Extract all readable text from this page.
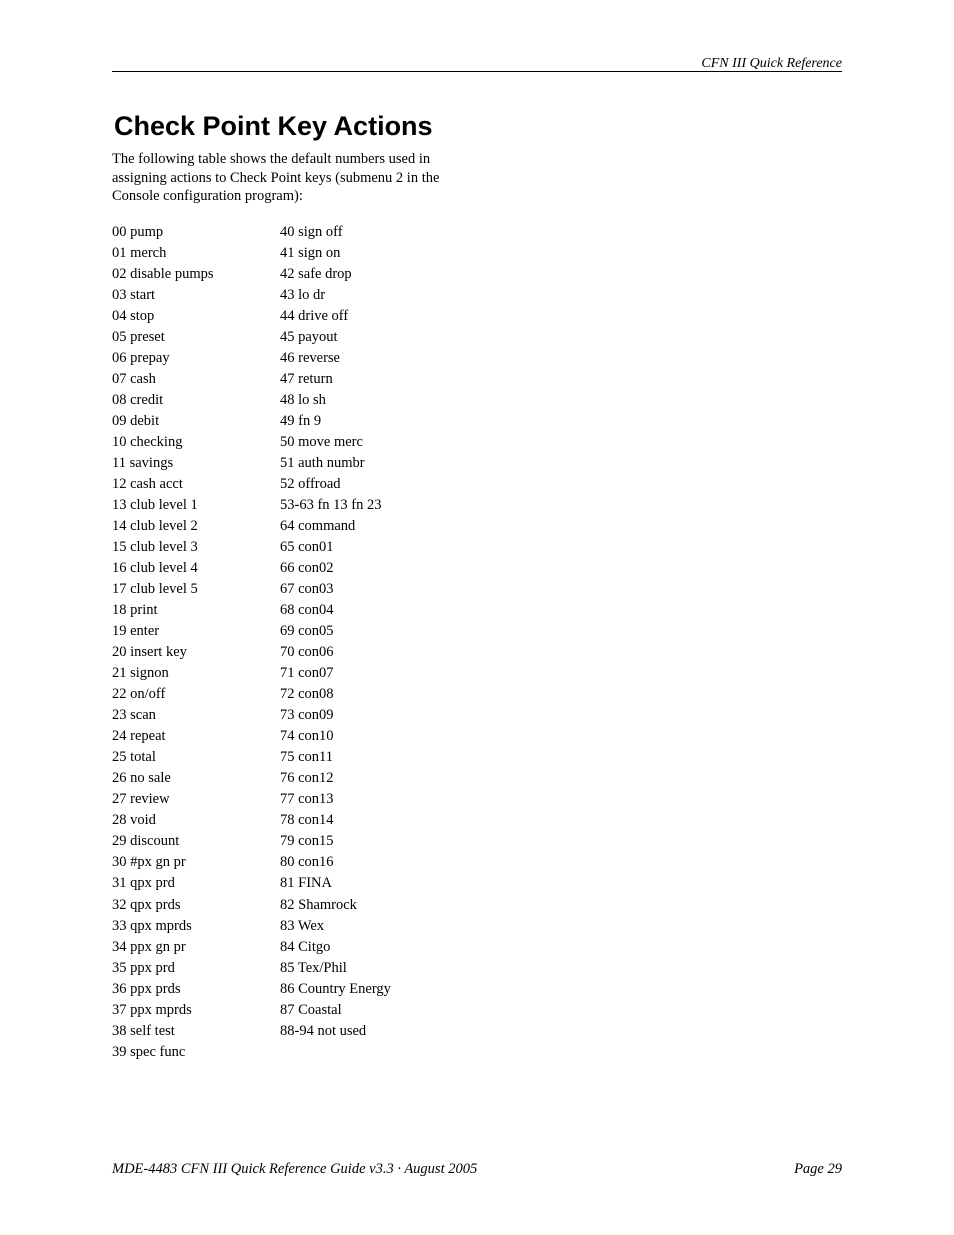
CFN III Quick Reference
Check Point Key Actions

The following table shows the default numbers used in assigning actions to Check Point keys (submenu 2 in the Console configuration program):

00 pump	40 sign off
01 merch	41 sign on
02 disable pumps	42 safe drop
03 start	43 lo dr
04 stop	44 drive off
05 preset	45 payout
06 prepay	46 reverse
07 cash	47 return
08 credit	48 lo sh
09 debit	49 fn 9
10 checking	50 move merc
11 savings	51 auth numbr
12 cash acct	52 offroad
13 club level 1	53-63 fn 13 fn 23
14 club level 2	64 command
15 club level 3	65 con01
16 club level 4	66 con02
17 club level 5	67 con03
18 print	68 con04
19 enter	69 con05
20 insert key	70 con06
21 signon	71 con07
22 on/off	72 con08
23 scan	73 con09
24 repeat	74 con10
25 total	75 con11
26 no sale	76 con12
27 review	77 con13
28 void	78 con14
29 discount	79 con15
30 #px gn pr	80 con16
31 qpx prd	81 FINA
32 qpx prds	82 Shamrock
33 qpx mprds	83 Wex
34 ppx gn pr	84 Citgo
35 ppx prd	85 Tex/Phil
36 ppx prds	86 Country Energy
37 ppx mprds	87 Coastal
38 self test	88-94 not used
39 spec func	
MDE-4483 CFN III Quick Reference Guide v3.3 · August 2005	Page 29
